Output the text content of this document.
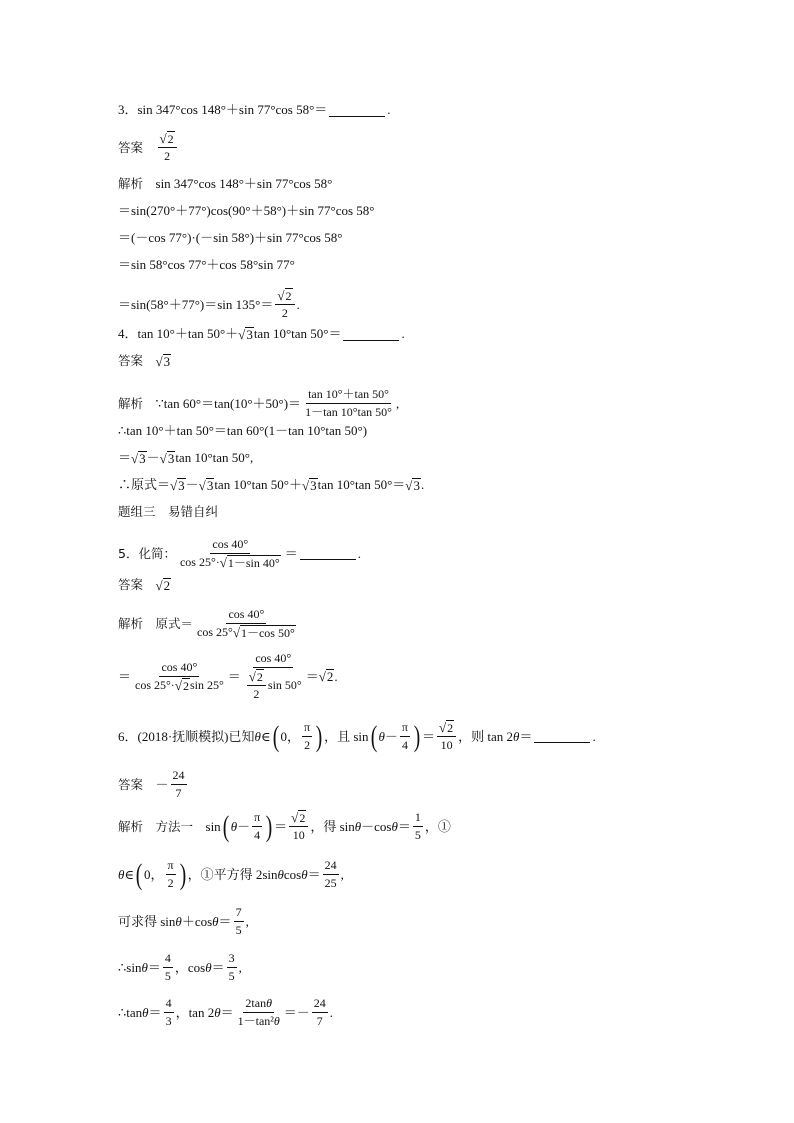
3．sin 347°cos 148°＋sin 77°cos 58°＝	.
答案　 $\frac{√ 2}{2}$
解析　 sin 347°cos 148°＋sin 77°cos 58°
＝sin(270°＋77°)cos(90°＋58°)＋sin 77°cos 58°
＝(－cos 77°)·(－sin 58°)＋sin 77°cos 58°
＝sin 58°cos 77°＋cos 58°sin 77°
＝sin(58°＋77°)＝sin $135^\circ= \frac{√ 2}{2}$ .
4．tan 10°＋tan 50°＋ √ 3 tan 10°tan 50°＝	.
答案　 √ 3
解析　 ∵tan $60^\circ=\tan(10^\circ+50^\circ)= \frac{\tan 10^\circ+\tan 50^\circ}{1-\tan 10^\circ\tan 50^\circ}$ ,
∴tan 10°＋tan 50°＝tan 60°(1－tan 10°tan 50°)
＝ √ 3 － √ 3 tan 10°tan 50°,
∴原式＝ √ 3 － √ 3 tan 10°tan 50°＋ √ 3 tan 10°tan 50°＝ √ 3 .
题组三　易错自纠
5．化简： $\frac{\cos 40^\circ}{\cos 25^\circ\cdot √ 1-\sin 40^\circ}$ ＝	.
答案　 √ 2
解析　原式＝ $\frac{\cos 40^\circ}{\cos 25^\circ √ 1-\cos 50^\circ}$
＝ $\frac{\cos 40^\circ}{\cos 25^\circ\cdot √ 2 \sin 25^\circ} = \frac{\cos 40^\circ}{\frac{√ 2}{2} \sin 50^\circ}$ ＝ √ 2 .
6．(2018·抚顺模拟)已知 θ ∈ ( 0， $\frac{\pi}{2}$ ) ，且 sin ( $\theta - \frac{\pi}{4}$ ) ＝ $\frac{√ 2}{10}$ ，则 tan 2 θ ＝	.
答案　 － $\frac{24}{7}$
解析　方法一　 sin ( $\theta - \frac{\pi}{4}$ ) ＝ $\frac{√ 2}{10}$ ，得 sin θ －cos $\theta = \frac{1}{5}$ ，①
θ ∈ ( 0， $\frac{\pi}{2}$ ) ，①平方得 2sin θ $\cos \theta = \frac{24}{25}$ ,
可求得 sin θ ＋cos $\theta = \frac{7}{5}$ ,
∴sin $\theta = \frac{4}{5}$ ，$\cos \theta = \frac{3}{5}$ ,
∴tan $\theta = \frac{4}{3}$ ，tan 2 $\theta = \frac{\text{2tan θ}}{\text{1－tan² θ}} =- \frac{24}{7}$ .
